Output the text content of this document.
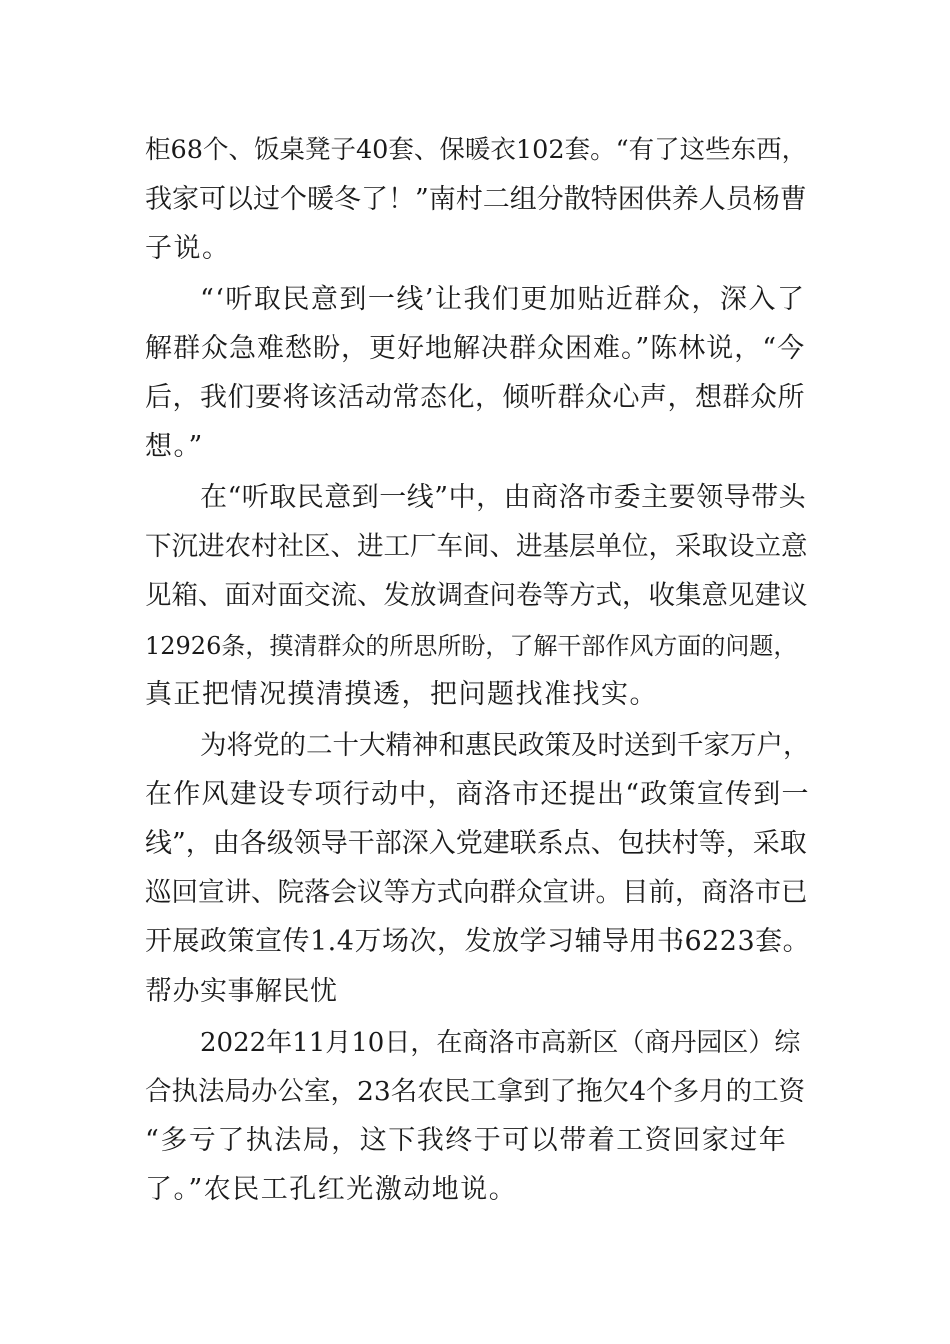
柜68个、饭桌凳子40套、保暖衣102套。“有了这些东西，
我家可以过个暖冬了！”南村二组分散特困供养人员杨曹
子说。
“‘听取民意到一线’让我们更加贴近群众，深入了
解群众急难愁盼，更好地解决群众困难。”陈林说，“今
后，我们要将该活动常态化，倾听群众心声，想群众所
想。”
在“听取民意到一线”中，由商洛市委主要领导带头
下沉进农村社区、进工厂车间、进基层单位，采取设立意
见箱、面对面交流、发放调查问卷等方式，收集意见建议
12926条，摸清群众的所思所盼，了解干部作风方面的问题，
真正把情况摸清摸透，把问题找准找实。
为将党的二十大精神和惠民政策及时送到千家万户，
在作风建设专项行动中，商洛市还提出“政策宣传到一
线”，由各级领导干部深入党建联系点、包扶村等，采取
巡回宣讲、院落会议等方式向群众宣讲。目前，商洛市已
开展政策宣传1.4万场次，发放学习辅导用书6223套。
帮办实事解民忧
2022年11月10日，在商洛市高新区（商丹园区）综
合执法局办公室，23名农民工拿到了拖欠4个多月的工资
“多亏了执法局，这下我终于可以带着工资回家过年
了。”农民工孔红光激动地说。
